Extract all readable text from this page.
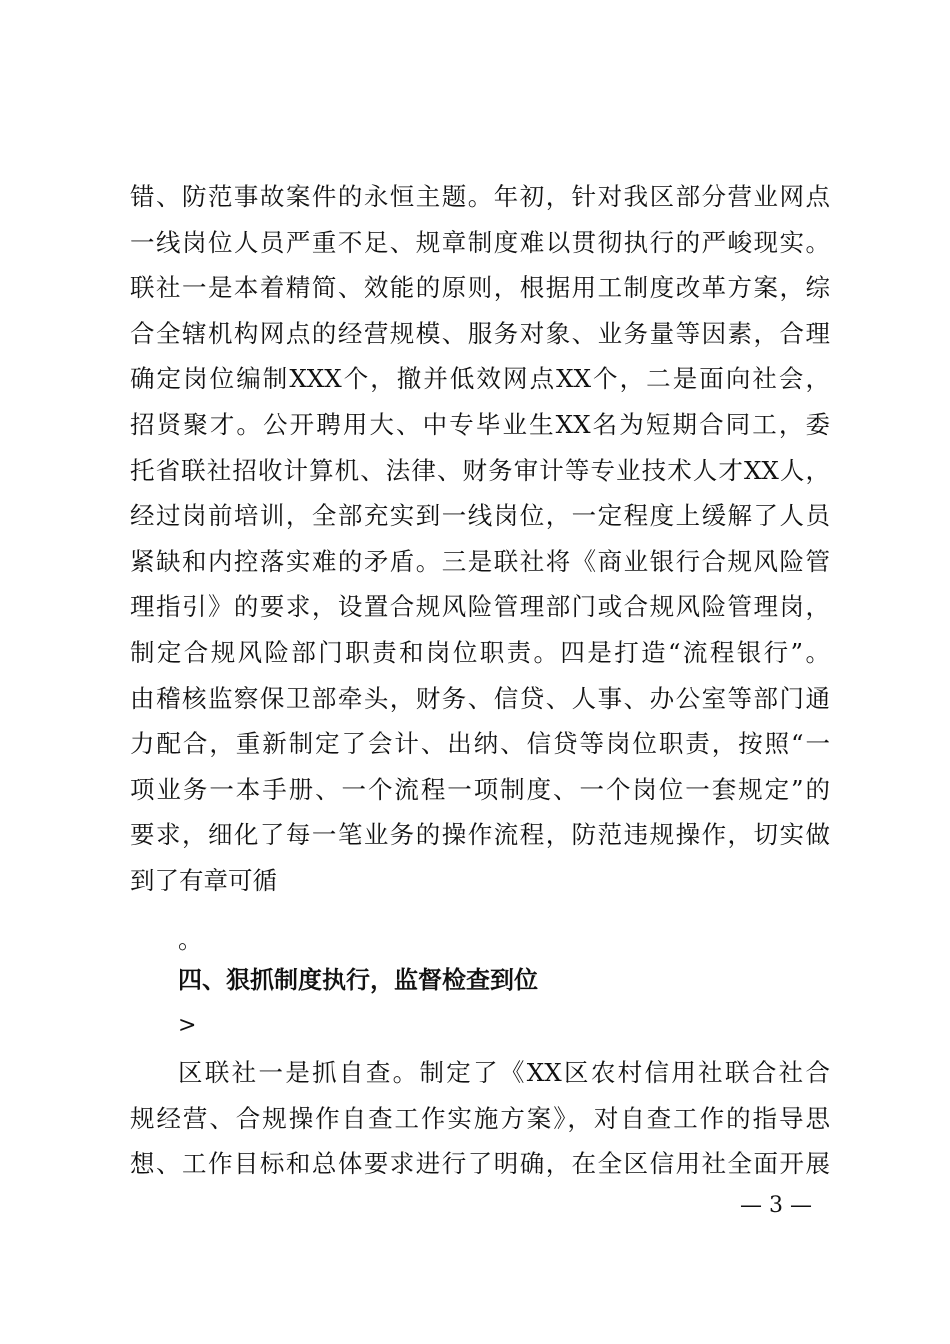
错、防范事故案件的永恒主题。年初，针对我区部分营业网点
一线岗位人员严重不足、规章制度难以贯彻执行的严峻现实。
联社一是本着精简、效能的原则，根据用工制度改革方案，综
合全辖机构网点的经营规模、服务对象、业务量等因素，合理
确定岗位编制XXX个，撤并低效网点XX个，二是面向社会，
招贤聚才。公开聘用大、中专毕业生XX名为短期合同工，委
托省联社招收计算机、法律、财务审计等专业技术人才XX人，
经过岗前培训，全部充实到一线岗位，一定程度上缓解了人员
紧缺和内控落实难的矛盾。三是联社将《商业银行合规风险管
理指引》的要求，设置合规风险管理部门或合规风险管理岗，
制定合规风险部门职责和岗位职责。四是打造“流程银行”。
由稽核监察保卫部牵头，财务、信贷、人事、办公室等部门通
力配合，重新制定了会计、出纳、信贷等岗位职责，按照“一
项业务一本手册、一个流程一项制度、一个岗位一套规定”的
要求，细化了每一笔业务的操作流程，防范违规操作，切实做
到了有章可循
。
四、狠抓制度执行，监督检查到位
>
区联社一是抓自查。制定了《XX区农村信用社联合社合
规经营、合规操作自查工作实施方案》，对自查工作的指导思
想、工作目标和总体要求进行了明确，在全区信用社全面开展
— 3 —
